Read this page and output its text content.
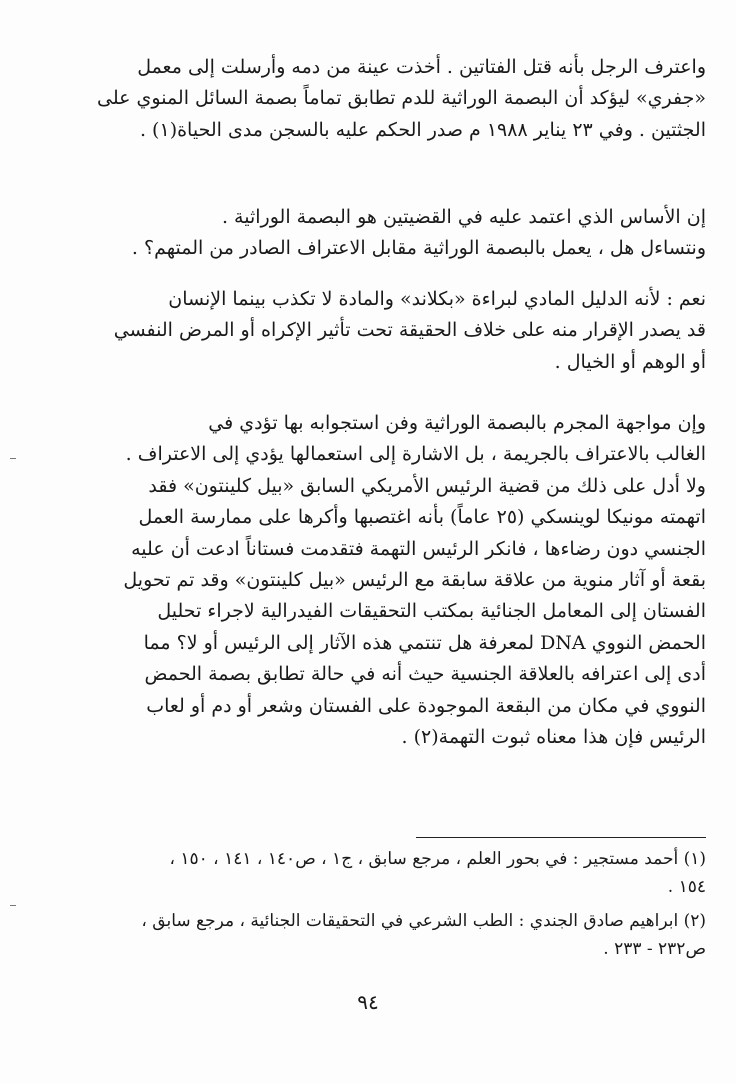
واعترف الرجل بأنه قتل الفتاتين . أخذت عينة من دمه وأرسلت إلى معمل
«جفري» ليؤكد أن البصمة الوراثية للدم تطابق تماماً بصمة السائل المنوي على
الجثتين . وفي ٢٣ يناير ١٩٨٨ م صدر الحكم عليه بالسجن مدى الحياة(١) .
إن الأساس الذي اعتمد عليه في القضيتين هو البصمة الوراثية .
ونتساءل هل ، يعمل بالبصمة الوراثية مقابل الاعتراف الصادر من المتهم؟ .
نعم : لأنه الدليل المادي لبراءة «بكلاند» والمادة لا تكذب بينما الإنسان
قد يصدر الإقرار منه على خلاف الحقيقة تحت تأثير الإكراه أو المرض النفسي
أو الوهم أو الخيال .
وإن مواجهة المجرم بالبصمة الوراثية وفن استجوابه بها تؤدي في
الغالب بالاعتراف بالجريمة ، بل الاشارة إلى استعمالها يؤدي إلى الاعتراف .
ولا أدل على ذلك من قضية الرئيس الأمريكي السابق «بيل كلينتون» فقد
اتهمته مونيكا لوينسكي (٢٥ عاماً) بأنه اغتصبها وأكرها على ممارسة العمل
الجنسي دون رضاءها ، فانكر الرئيس التهمة فتقدمت فستاناً ادعت أن عليه
بقعة أو آثار منوية من علاقة سابقة مع الرئيس «بيل كلينتون» وقد تم تحويل
الفستان إلى المعامل الجنائية بمكتب التحقيقات الفيدرالية لاجراء تحليل
الحمض النووي DNA لمعرفة هل تنتمي هذه الآثار إلى الرئيس أو لا؟ مما
أدى إلى اعترافه بالعلاقة الجنسية حيث أنه في حالة تطابق بصمة الحمض
النووي في مكان من البقعة الموجودة على الفستان وشعر أو دم أو لعاب
الرئيس فإن هذا معناه ثبوت التهمة(٢) .
(١) أحمد مستجير : في بحور العلم ، مرجع سابق ، ج١ ، ص١٤٠ ، ١٤١ ، ١٥٠ ،
١٥٤ .
(٢) ابراهيم صادق الجندي : الطب الشرعي في التحقيقات الجنائية ، مرجع سابق ،
ص٢٣٢ - ٢٣٣ .
٩٤
